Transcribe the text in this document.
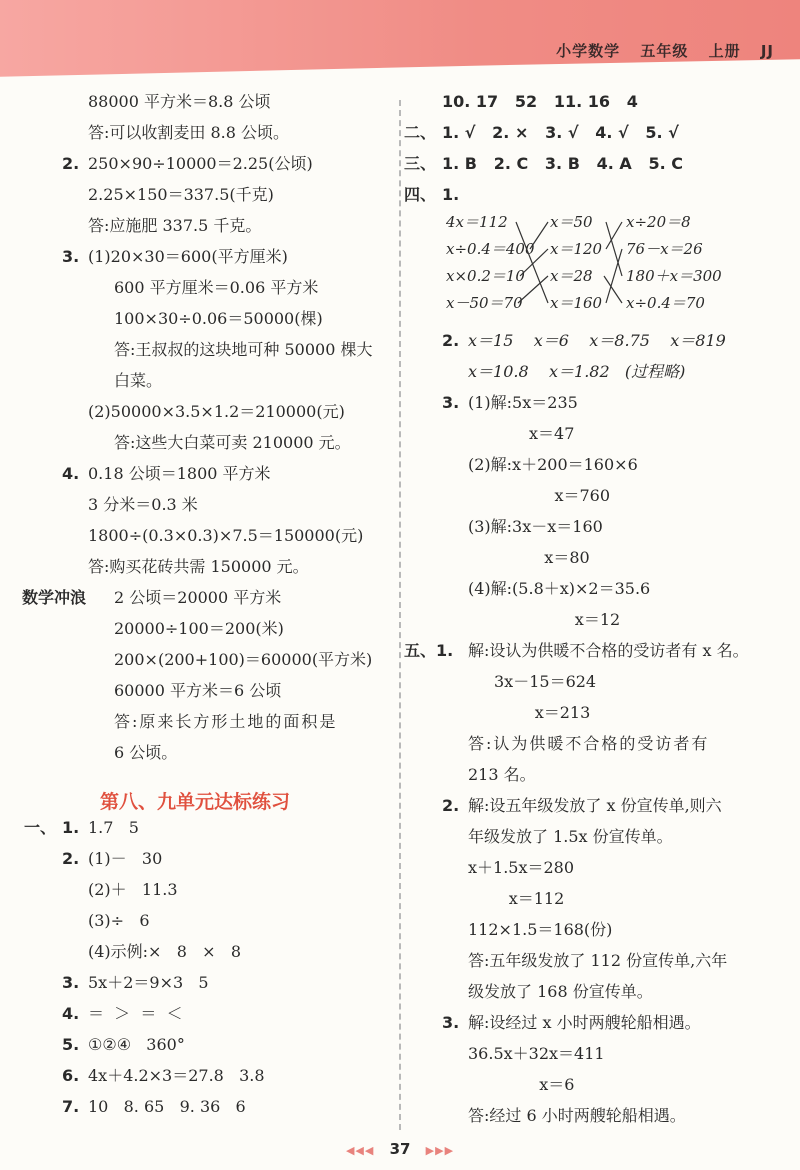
小学数学 五年级 上册 JJ
88000 平方米＝8.8 公顷
答:可以收割麦田 8.8 公顷。
2. 250×90÷10000＝2.25(公顷)
2.25×150＝337.5(千克)
答:应施肥 337.5 千克。
3. (1)20×30＝600(平方厘米)
600 平方厘米＝0.06 平方米
100×30÷0.06＝50000(棵)
答:王叔叔的这块地可种 50000 棵大
白菜。
(2)50000×3.5×1.2＝210000(元)
答:这些大白菜可卖 210000 元。
4. 0.18 公顷＝1800 平方米
3 分米＝0.3 米
1800÷(0.3×0.3)×7.5＝150000(元)
答:购买花砖共需 150000 元。
数学冲浪 2 公顷＝20000 平方米
20000÷100＝200(米)
200×(200+100)＝60000(平方米)
60000 平方米＝6 公顷
答:原来长方形土地的面积是
6 公顷。
第八、九单元达标练习
一、 1. 1.7   5
2. (1)－   30
(2)＋   11.3
(3)÷   6
(4)示例:×   8   ×   8
3. 5x＋2＝9×3   5
4. ＝  ＞  ＝  ＜
5. ①②④   360°
6. 4x＋4.2×3＝27.8   3.8
7. 10   8. 65   9. 36   6
10. 17   52   11. 16   4
二、 1. √   2. ×   3. √   4. √   5. √
三、 1. B   2. C   3. B   4. A   5. C
四、 1.
4x＝112
x÷0.4＝400
x×0.2＝10
x－50＝70
x＝50
x＝120
x＝28
x＝160
x÷20＝8
76－x＝26
180＋x＝300
x÷0.4＝70
2. x＝15    x＝6    x＝8.75    x＝819
x＝10.8    x＝1.82   (过程略)
3. (1)解:5x＝235
x＝47
(2)解:x＋200＝160×6
x＝760
(3)解:3x－x＝160
x＝80
(4)解:(5.8＋x)×2＝35.6
x＝12
五、1. 解:设认为供暖不合格的受访者有 x 名。
3x－15＝624
x＝213
答:认为供暖不合格的受访者有
213 名。
2. 解:设五年级发放了 x 份宣传单,则六
年级发放了 1.5x 份宣传单。
x＋1.5x＝280
x＝112
112×1.5＝168(份)
答:五年级发放了 112 份宣传单,六年
级发放了 168 份宣传单。
3. 解:设经过 x 小时两艘轮船相遇。
36.5x＋32x＝411
x＝6
答:经过 6 小时两艘轮船相遇。
◀◀◀ 37 ▶▶▶
